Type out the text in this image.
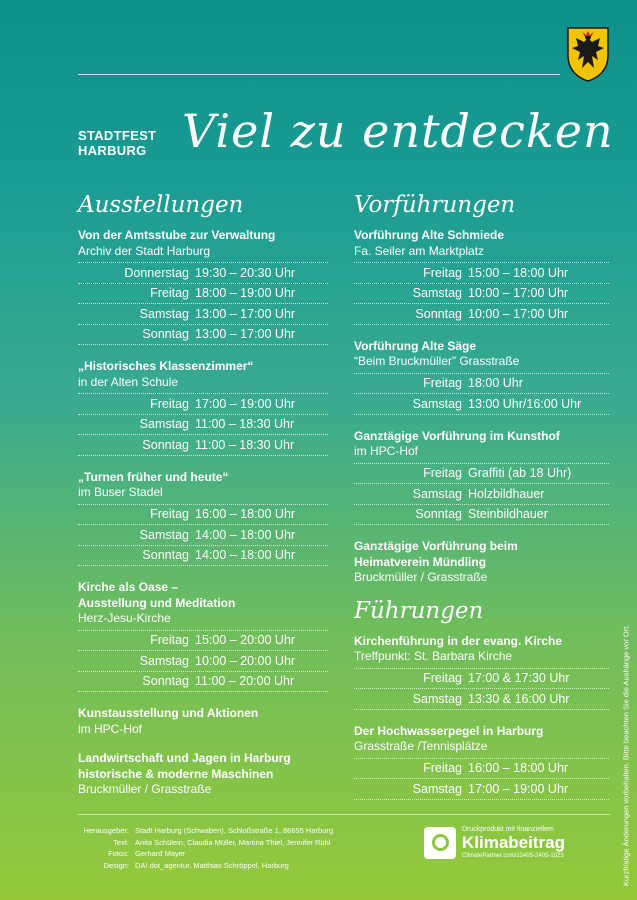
STADTFEST
HARBURG Viel zu entdecken
Ausstellungen
Von der Amtsstube zur Verwaltung
Archiv der Stadt Harburg
Donnerstag 19:30 – 20:30 Uhr
Freitag 18:00 – 19:00 Uhr
Samstag 13:00 – 17:00 Uhr
Sonntag 13:00 – 17:00 Uhr
„Historisches Klassenzimmer“
in der Alten Schule
Freitag 17:00 – 19:00 Uhr
Samstag 11:00 – 18:30 Uhr
Sonntag 11:00 – 18:30 Uhr
„Turnen früher und heute“
im Buser Stadel
Freitag 16:00 – 18:00 Uhr
Samstag 14:00 – 18:00 Uhr
Sonntag 14:00 – 18:00 Uhr
Kirche als Oase –
Ausstellung und Meditation
Herz-Jesu-Kirche
Freitag 15:00 – 20:00 Uhr
Samstag 10:00 – 20:00 Uhr
Sonntag 11:00 – 20:00 Uhr
Kunstausstellung und Aktionen
im HPC-Hof
Landwirtschaft und Jagen in Harburg
historische & moderne Maschinen
Bruckmüller / Grasstraße
Vorführungen
Vorführung Alte Schmiede
Fa. Seiler am Marktplatz
Freitag 15:00 – 18:00 Uhr
Samstag 10:00 – 17:00 Uhr
Sonntag 10:00 – 17:00 Uhr
Vorführung Alte Säge
“Beim Bruckmüller” Grasstraße
Freitag 18:00 Uhr
Samstag 13:00 Uhr/16:00 Uhr
Ganztägige Vorführung im Kunsthof
im HPC-Hof
Freitag Graffiti (ab 18 Uhr)
Samstag Holzbildhauer
Sonntag Steinbildhauer
Ganztägige Vorführung beim
Heimatverein Mündling
Bruckmüller / Grasstraße
Führungen
Kirchenführung in der evang. Kirche
Treffpunkt: St. Barbara Kirche
Freitag 17:00 & 17:30 Uhr
Samstag 13:30 & 16:00 Uhr
Der Hochwasserpegel in Harburg
Grasstraße /Tennisplätze
Freitag 16:00 – 18:00 Uhr
Samstag 17:00 – 19:00 Uhr
Herausgeber: Stadt Harburg (Schwaben), Schloßstraße 1, 86655 Harburg
Text: Anita Schülein, Claudia Müller, Martina Thiel, Jennifer Rühl
Fotos: Gerhard Mayer
Design: DA! dot_agentur, Matthias Schröppel, Harburg
Druckprodukt mit finanziellem
Klimabeitrag
ClimatePartner.com/12405-2405-1023	Kurzfristige Änderungen vorbehalten. Bitte beachten Sie die Aushänge vor Ort.
